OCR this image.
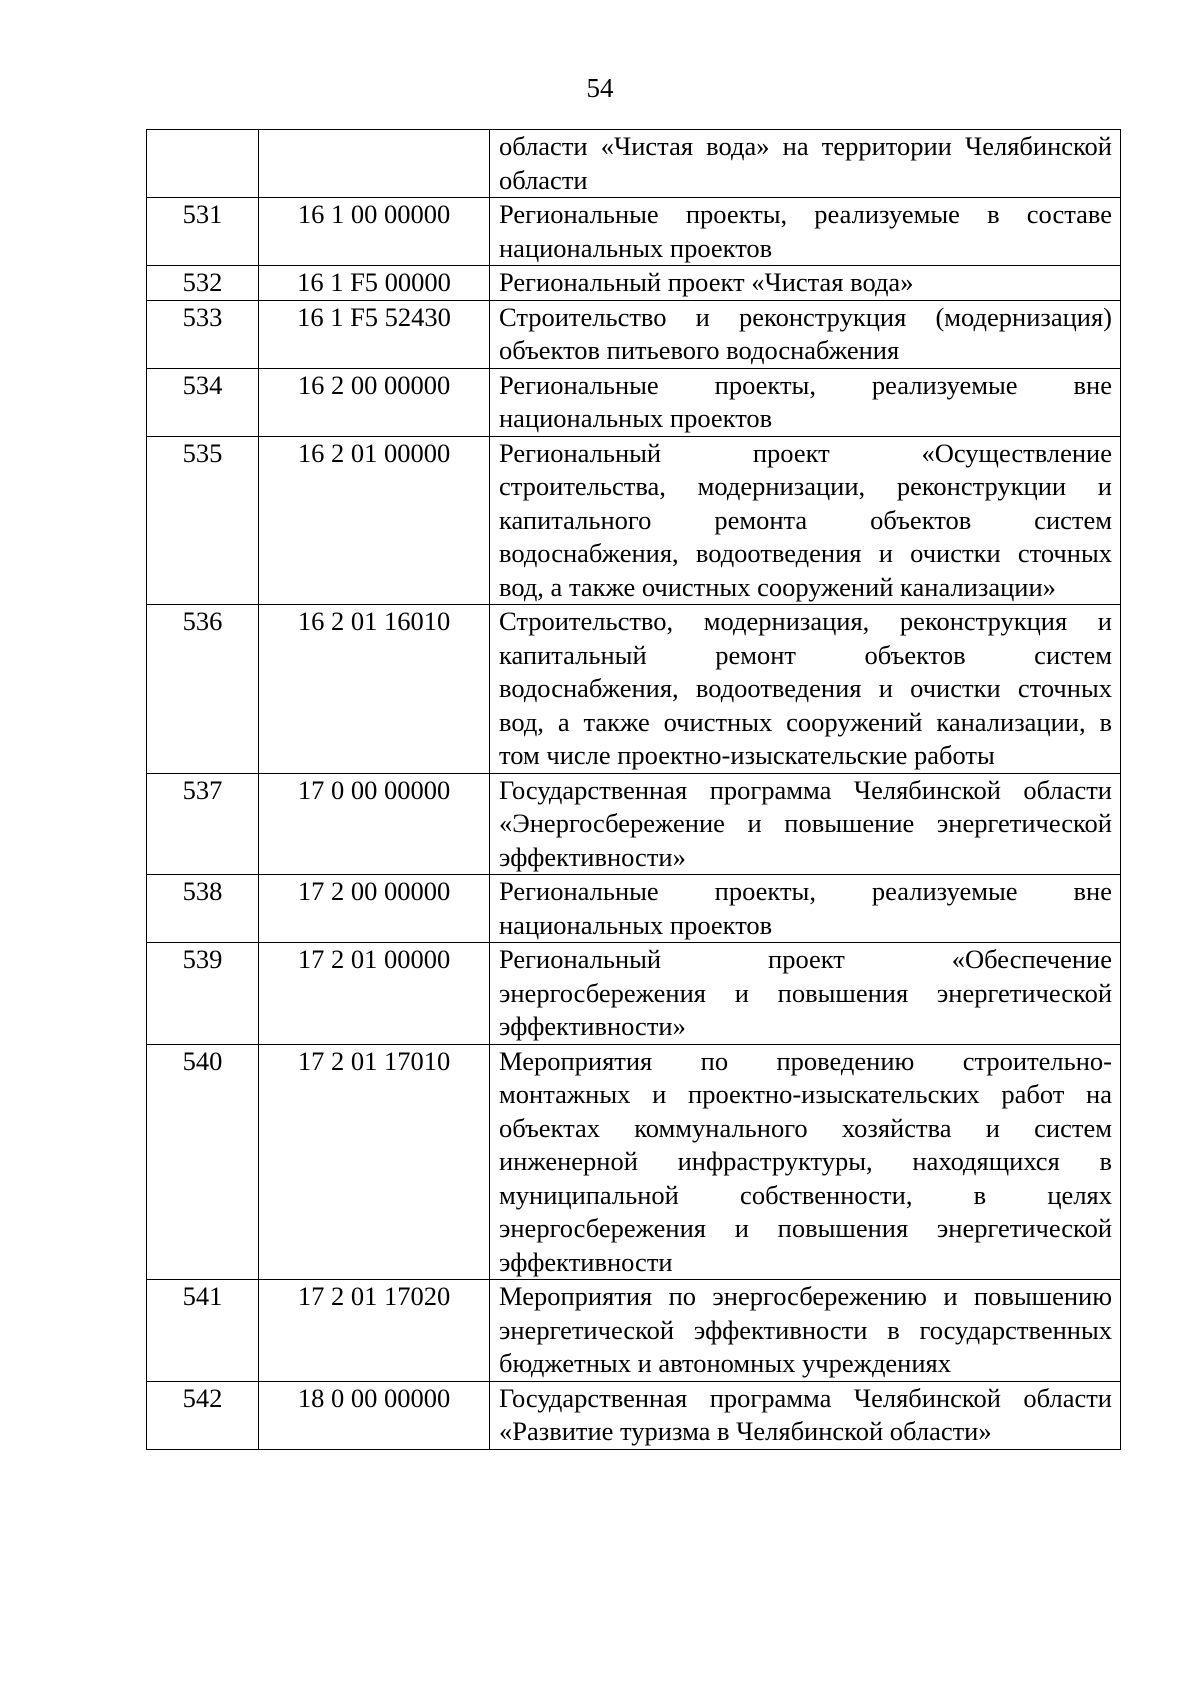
54
		области «Чистая вода» на территории Челябинской области
531	16 1 00 00000	Региональные проекты, реализуемые в составе национальных проектов
532	16 1 F5 00000	Региональный проект «Чистая вода»
533	16 1 F5 52430	Строительство и реконструкция (модернизация) объектов питьевого водоснабжения
534	16 2 00 00000	Региональные проекты, реализуемые вне национальных проектов
535	16 2 01 00000	Региональный проект «Осуществление строительства, модернизации, реконструкции и капитального ремонта объектов систем водоснабжения, водоотведения и очистки сточных вод, а также очистных сооружений канализации»
536	16 2 01 16010	Строительство, модернизация, реконструкция и капитальный ремонт объектов систем водоснабжения, водоотведения и очистки сточных вод, а также очистных сооружений канализации, в том числе проектно-изыскательские работы
537	17 0 00 00000	Государственная программа Челябинской области «Энергосбережение и повышение энергетической эффективности»
538	17 2 00 00000	Региональные проекты, реализуемые вне национальных проектов
539	17 2 01 00000	Региональный проект «Обеспечение энергосбережения и повышения энергетической эффективности»
540	17 2 01 17010	Мероприятия по проведению строительно-монтажных и проектно-изыскательских работ на объектах коммунального хозяйства и систем инженерной инфраструктуры, находящихся в муниципальной собственности, в целях энергосбережения и повышения энергетической эффективности
541	17 2 01 17020	Мероприятия по энергосбережению и повышению энергетической эффективности в государственных бюджетных и автономных учреждениях
542	18 0 00 00000	Государственная программа Челябинской области «Развитие туризма в Челябинской области»
